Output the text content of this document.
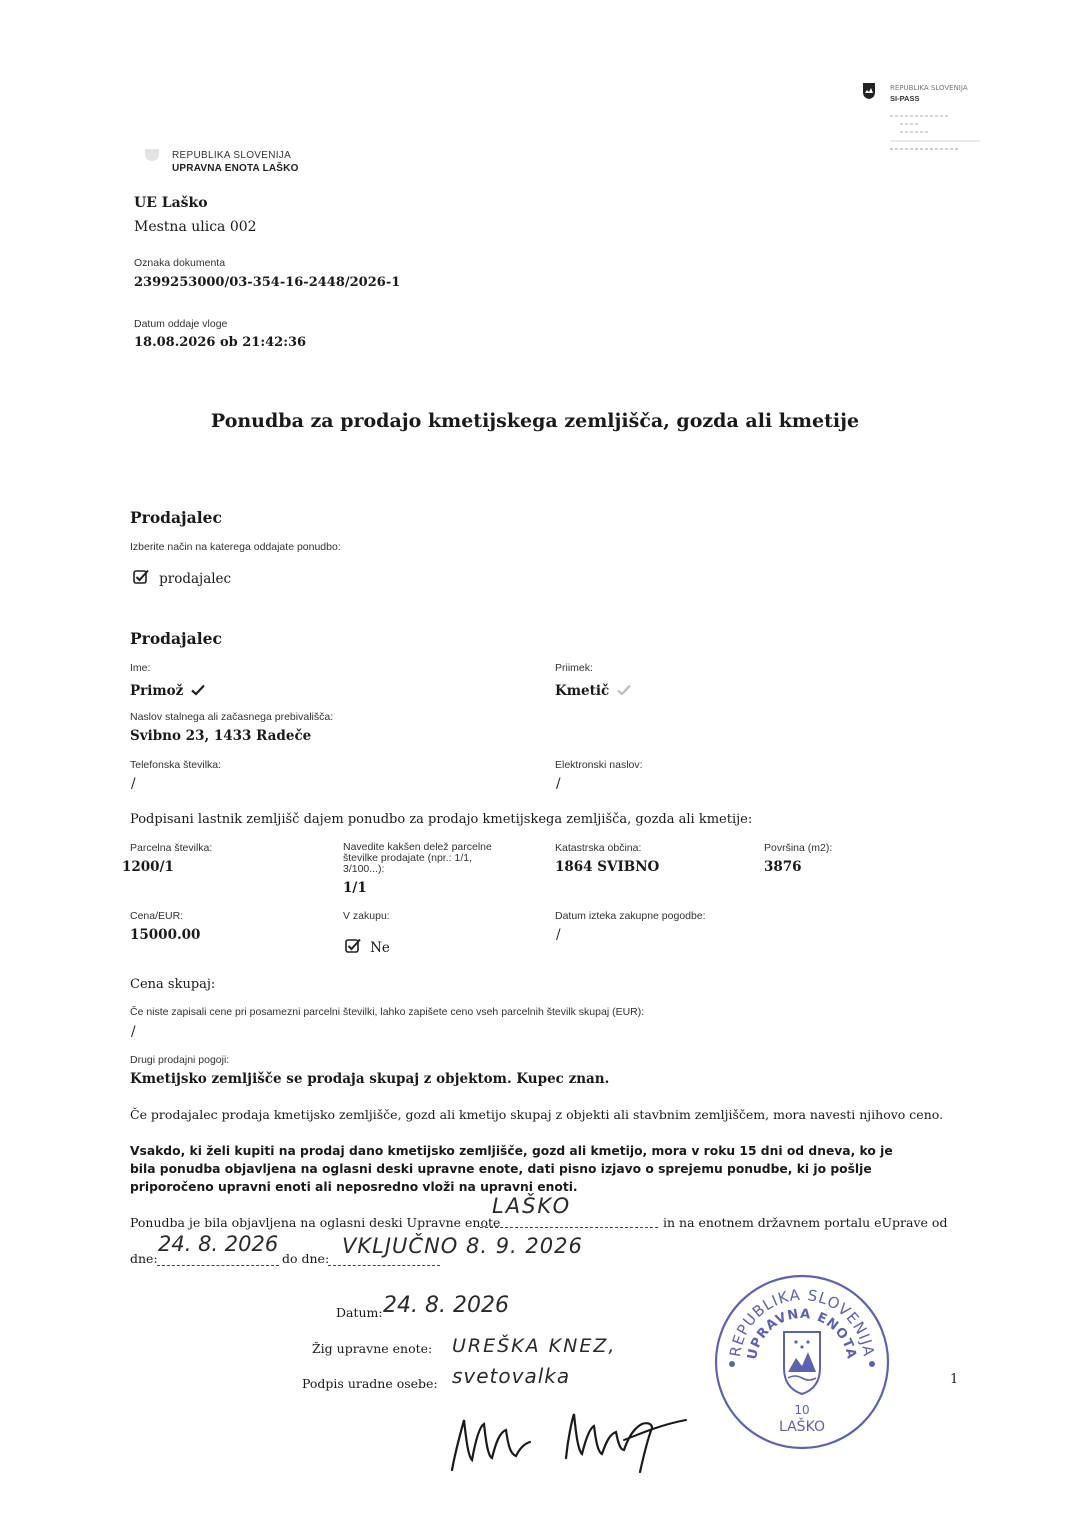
REPUBLIKA SLOVENIJA
SI-PASS
REPUBLIKA SLOVENIJA
UPRAVNA ENOTA LAŠKO
UE Laško
Mestna ulica 002
Oznaka dokumenta
2399253000/03-354-16-2448/2026-1
Datum oddaje vloge
18.08.2026 ob 21:42:36
Ponudba za prodajo kmetijskega zemljišča, gozda ali kmetije
Prodajalec
Izberite način na katerega oddajate ponudbo:
prodajalec
Prodajalec
Ime:
Primož
Priimek:
Kmetič
Naslov stalnega ali začasnega prebivališča:
Svibno 23, 1433 Radeče
Telefonska številka:
/
Elektronski naslov:
/
Podpisani lastnik zemljišč dajem ponudbo za prodajo kmetijskega zemljišča, gozda ali kmetije:
Parcelna številka:
1200/1
Navedite kakšen delež parcelne številke prodajate (npr.: 1/1, 3/100...):
1/1
Katastrska občina:
1864 SVIBNO
Površina (m2):
3876
Cena/EUR:
15000.00
V zakupu:
Ne
Datum izteka zakupne pogodbe:
/
Cena skupaj:
Če niste zapisali cene pri posamezni parcelni številki, lahko zapišete ceno vseh parcelnih številk skupaj (EUR):
/
Drugi prodajni pogoji:
Kmetijsko zemljišče se prodaja skupaj z objektom. Kupec znan.
Če prodajalec prodaja kmetijsko zemljišče, gozd ali kmetijo skupaj z objekti ali stavbnim zemljiščem, mora navesti njihovo ceno.
Vsakdo, ki želi kupiti na prodaj dano kmetijsko zemljišče, gozd ali kmetijo, mora v roku 15 dni od dneva, ko je bila ponudba objavljena na oglasni deski upravne enote, dati pisno izjavo o sprejemu ponudbe, ki jo pošlje priporočeno upravni enoti ali neposredno vloži na upravni enoti.
Ponudba je bila objavljena na oglasni deski Upravne enote
LAŠKO
in na enotnem državnem portalu eUprave od
dne:
24. 8. 2026
do dne:
VKLJUČNO 8. 9. 2026
Datum: 24. 8. 2026
Žig upravne enote: UREŠKA KNEZ,
svetovalka
Podpis uradne osebe:
REPUBLIKA SLOVENIJA
UPRAVNA ENOTA
10
LAŠKO
1
